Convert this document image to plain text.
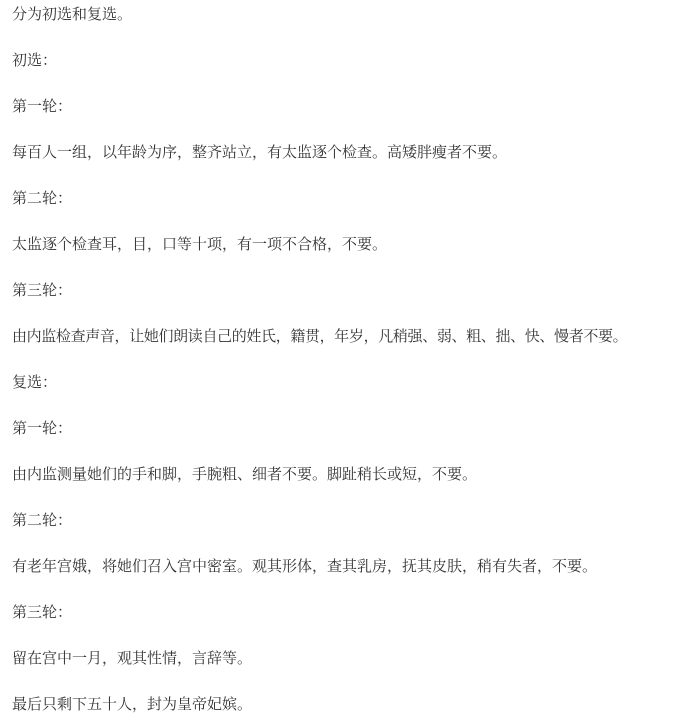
分为初选和复选。

初选：

第一轮：

每百人一组，以年龄为序，整齐站立，有太监逐个检查。高矮胖瘦者不要。

第二轮：

太监逐个检查耳，目，口等十项，有一项不合格，不要。

第三轮：

由内监检查声音，让她们朗读自己的姓氏，籍贯，年岁，凡稍强、弱、粗、拙、快、慢者不要。

复选：

第一轮：

由内监测量她们的手和脚，手腕粗、细者不要。脚趾稍长或短，不要。

第二轮：

有老年宫娥，将她们召入宫中密室。观其形体，查其乳房，抚其皮肤，稍有失者，不要。

第三轮：

留在宫中一月，观其性情，言辞等。

最后只剩下五十人，封为皇帝妃嫔。
